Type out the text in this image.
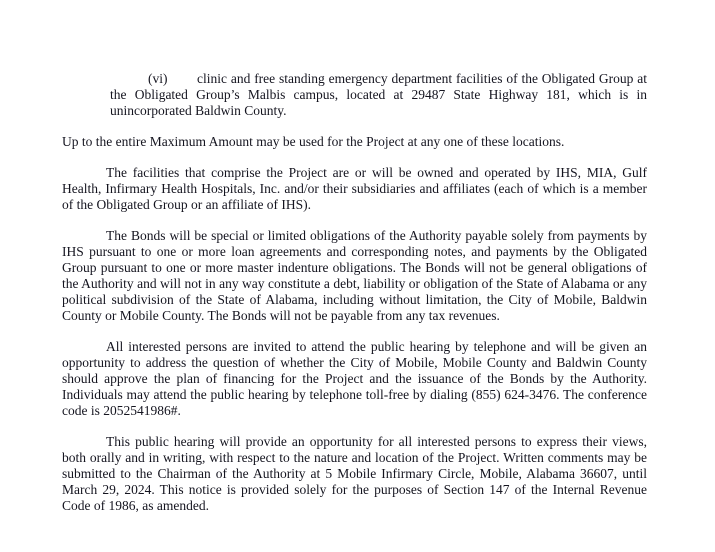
(vi) clinic and free standing emergency department facilities of the Obligated Group at the Obligated Group’s Malbis campus, located at 29487 State Highway 181, which is in unincorporated Baldwin County.

Up to the entire Maximum Amount may be used for the Project at any one of these locations.

The facilities that comprise the Project are or will be owned and operated by IHS, MIA, Gulf Health, Infirmary Health Hospitals, Inc. and/or their subsidiaries and affiliates (each of which is a member of the Obligated Group or an affiliate of IHS).

The Bonds will be special or limited obligations of the Authority payable solely from payments by IHS pursuant to one or more loan agreements and corresponding notes, and payments by the Obligated Group pursuant to one or more master indenture obligations. The Bonds will not be general obligations of the Authority and will not in any way constitute a debt, liability or obligation of the State of Alabama or any political subdivision of the State of Alabama, including without limitation, the City of Mobile, Baldwin County or Mobile County. The Bonds will not be payable from any tax revenues.

All interested persons are invited to attend the public hearing by telephone and will be given an opportunity to address the question of whether the City of Mobile, Mobile County and Baldwin County should approve the plan of financing for the Project and the issuance of the Bonds by the Authority. Individuals may attend the public hearing by telephone toll-free by dialing (855) 624-3476. The conference code is 2052541986#.

This public hearing will provide an opportunity for all interested persons to express their views, both orally and in writing, with respect to the nature and location of the Project. Written comments may be submitted to the Chairman of the Authority at 5 Mobile Infirmary Circle, Mobile, Alabama 36607, until March 29, 2024. This notice is provided solely for the purposes of Section 147 of the Internal Revenue Code of 1986, as amended.
